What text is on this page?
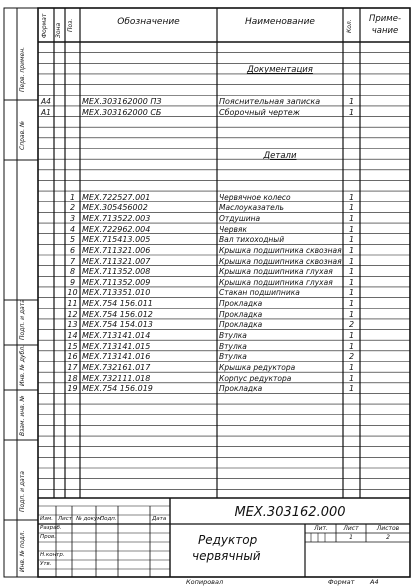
Формат Зона Поз.	Обозначение	Наименование	Кол.
Приме-
чание
Документация
Детали
А4	МЕХ.303162000 ПЗ	Пояснительная записка	1
А1	МЕХ.303162000 СБ	Сборочный чертеж	1
1 МЕХ.722527.001	Червячное колесо	1
2 МЕХ.305456002	Маслоуказатель	1
3 МЕХ.713522.003	Отдушина	1
4 МЕХ.722962.004	Червяк	1
5 МЕХ.715413.005	Вал тихоходный	1
6 МЕХ.711321.006	Крышка подшипника сквозная 1
7 МЕХ.711321.007	Крышка подшипника сквозная 1
8 МЕХ.711352.008	Крышка подшипника глухая	1
9 МЕХ.711352.009	Крышка подшипника глухая	1
10 МЕХ.713351.010	Стакан подшипника	1
11 МЕХ.754 156.011	Прокладка	1
12 МЕХ.754 156.012	Прокладка	1
13 МЕХ.754 154.013	Прокладка	2
14 МЕХ.713141.014	Втулка	1
15 МЕХ.713141.015	Втулка	1
16 МЕХ.713141.016	Втулка	2
17 МЕХ.732161.017	Крышка редуктора	1
18 МЕХ.732111.018	Корпус редуктора	1
19 МЕХ.754 156.019	Прокладка	1
Перв. примен.
Справ. №
Подп. и дата
Инв. № дубл.
Взам. инв. №
Подп. и дата
Инв. № подл.
Изм. Лист № докум.
Подп.	Дата
Разраб.
Пров.
Н.контр.
Утв.
МЕХ.303162.000
Редуктор
червячный
Лит.	Лист	Листов
1	2
Копировал	Формат А4
